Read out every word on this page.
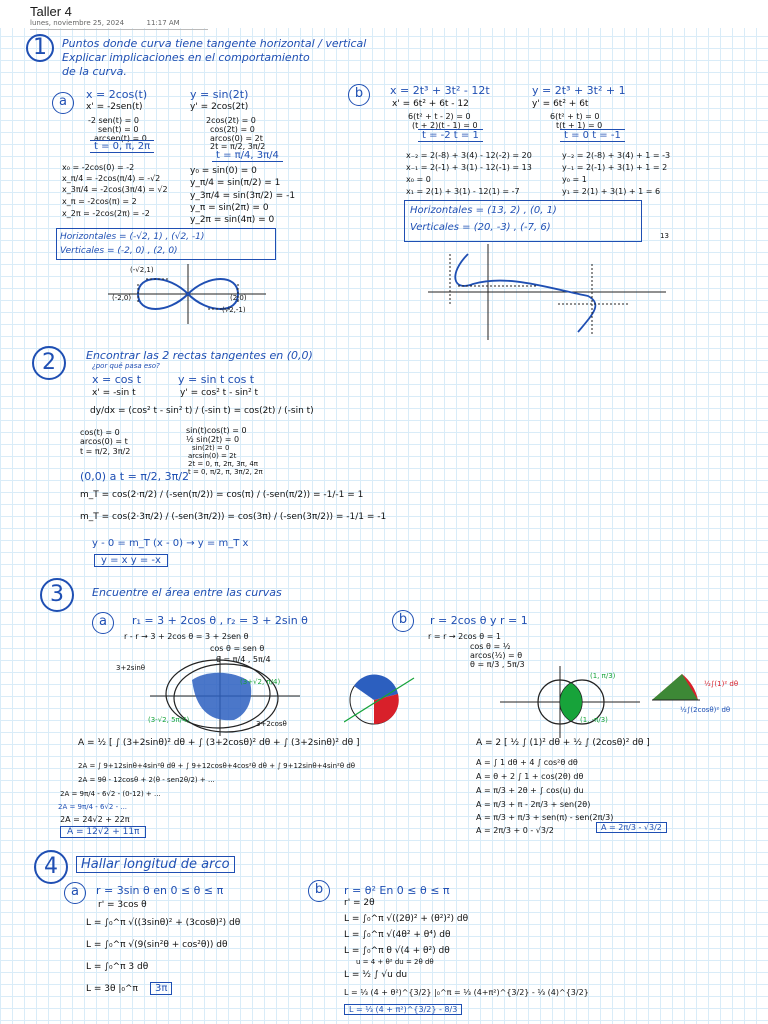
Taller 4
lunes, noviembre 25, 2024	11:17 AM
1	Puntos donde curva tiene tangente horizontal / vertical
Explicar implicaciones en el comportamiento
de la curva.
a	x = 2cos(t)	y = sin(2t)
x' = -2sen(t)	y' = 2cos(2t)
-2 sen(t) = 0
sen(t) = 0
arcsen(t) = 0
t = 0, π, 2π
2cos(2t) = 0
cos(2t) = 0
arcos(0) = 2t
2t = π/2, 3π/2
t = π/4, 3π/4
x₀ = -2cos(0) = -2
x_π/4 = -2cos(π/4) = -√2
x_3π/4 = -2cos(3π/4) = √2
x_π = -2cos(π) = 2
x_2π = -2cos(2π) = -2
y₀ = sin(0) = 0
y_π/4 = sin(π/2) = 1
y_3π/4 = sin(3π/2) = -1
y_π = sin(2π) = 0
y_2π = sin(4π) = 0
Horizontales = (-√2, 1) , (√2, -1)
Verticales = (-2, 0) , (2, 0)
(-√2,1)
(-2,0)	(2,0)
(√2,-1)
b	x = 2t³ + 3t² - 12t	y = 2t³ + 3t² + 1
x' = 6t² + 6t - 12	y' = 6t² + 6t
6(t² + t - 2) = 0
(t + 2)(t - 1) = 0
t = -2 t = 1
6(t² + t) = 0
t(t + 1) = 0
t = 0 t = -1
x₋₂ = 2(-8) + 3(4) - 12(-2) = 20
x₋₁ = 2(-1) + 3(1) - 12(-1) = 13
x₀ = 0
x₁ = 2(1) + 3(1) - 12(1) = -7
y₋₂ = 2(-8) + 3(4) + 1 = -3
y₋₁ = 2(-1) + 3(1) + 1 = 2
y₀ = 1
y₁ = 2(1) + 3(1) + 1 = 6
Horizontales = (13, 2) , (0, 1)
Verticales = (20, -3) , (-7, 6)
13
2	Encontrar las 2 rectas tangentes en (0,0)
¿por qué pasa eso?
x = cos t	y = sin t cos t
x' = -sin t	y' = cos² t - sin² t
dy/dx = (cos² t - sin² t) / (-sin t) = cos(2t) / (-sin t)
cos(t) = 0
arcos(0) = t
t = π/2, 3π/2
sin(t)cos(t) = 0
½ sin(2t) = 0
sin(2t) = 0
arcsin(0) = 2t
2t = 0, π, 2π, 3π, 4π
t = 0, π/2, π, 3π/2, 2π
(0,0) a t = π/2, 3π/2
m_T = cos(2·π/2) / (-sen(π/2)) = cos(π) / (-sen(π/2)) = -1/-1 = 1
m_T = cos(2·3π/2) / (-sen(3π/2)) = cos(3π) / (-sen(3π/2)) = -1/1 = -1
y - 0 = m_T (x - 0) → y = m_T x
y = x y = -x
3	Encuentre el área entre las curvas
a	r₁ = 3 + 2cos θ , r₂ = 3 + 2sin θ
r - r → 3 + 2cos θ = 3 + 2sen θ
cos θ = sen θ
θ = π/4 , 5π/4
3+2sinθ
(3+√2, π/4)
(3-√2, 5π/4)	3+2cosθ
A = ½ [ ∫ (3+2sinθ)² dθ + ∫ (3+2cosθ)² dθ + ∫ (3+2sinθ)² dθ ]
2A = ∫ 9+12sinθ+4sin²θ dθ + ∫ 9+12cosθ+4cos²θ dθ + ∫ 9+12sinθ+4sin²θ dθ
2A = 9θ - 12cosθ + 2(θ - sen2θ/2) + ...
2A = 9π/4 - 6√2 - (0-12) + ...
2A = 9π/4 - 6√2 - ...
2A = 24√2 + 22π
A = 12√2 + 11π
b	r = 2cos θ y r = 1
r = r → 2cos θ = 1
cos θ = ½
arcos(½) = θ
θ = π/3 , 5π/3
(1, π/3)
(1, -π/3)
½∫(1)² dθ
½∫(2cosθ)² dθ
A = 2 [ ½ ∫ (1)² dθ + ½ ∫ (2cosθ)² dθ ]
A = ∫ 1 dθ + 4 ∫ cos²θ dθ
A = θ + 2 ∫ 1 + cos(2θ) dθ
A = π/3 + 2θ + ∫ cos(u) du
A = π/3 + π - 2π/3 + sen(2θ)
A = π/3 + π/3 + sen(π) - sen(2π/3)
A = 2π/3 + 0 - √3/2	A = 2π/3 - √3/2
4	Hallar longitud de arco
a	r = 3sin θ en 0 ≤ θ ≤ π
r' = 3cos θ
L = ∫₀^π √((3sinθ)² + (3cosθ)²) dθ
L = ∫₀^π √(9(sin²θ + cos²θ)) dθ
L = ∫₀^π 3 dθ
L = 3θ |₀^π	3π
b	r = θ² En 0 ≤ θ ≤ π
r' = 2θ
L = ∫₀^π √((2θ)² + (θ²)²) dθ
L = ∫₀^π √(4θ² + θ⁴) dθ
L = ∫₀^π θ √(4 + θ²) dθ
u = 4 + θ² du = 2θ dθ
L = ½ ∫ √u du
L = ⅓ (4 + θ²)^{3/2} |₀^π = ⅓ (4+π²)^{3/2} - ⅓ (4)^{3/2}
L = ⅓ (4 + π²)^{3/2} - 8/3
